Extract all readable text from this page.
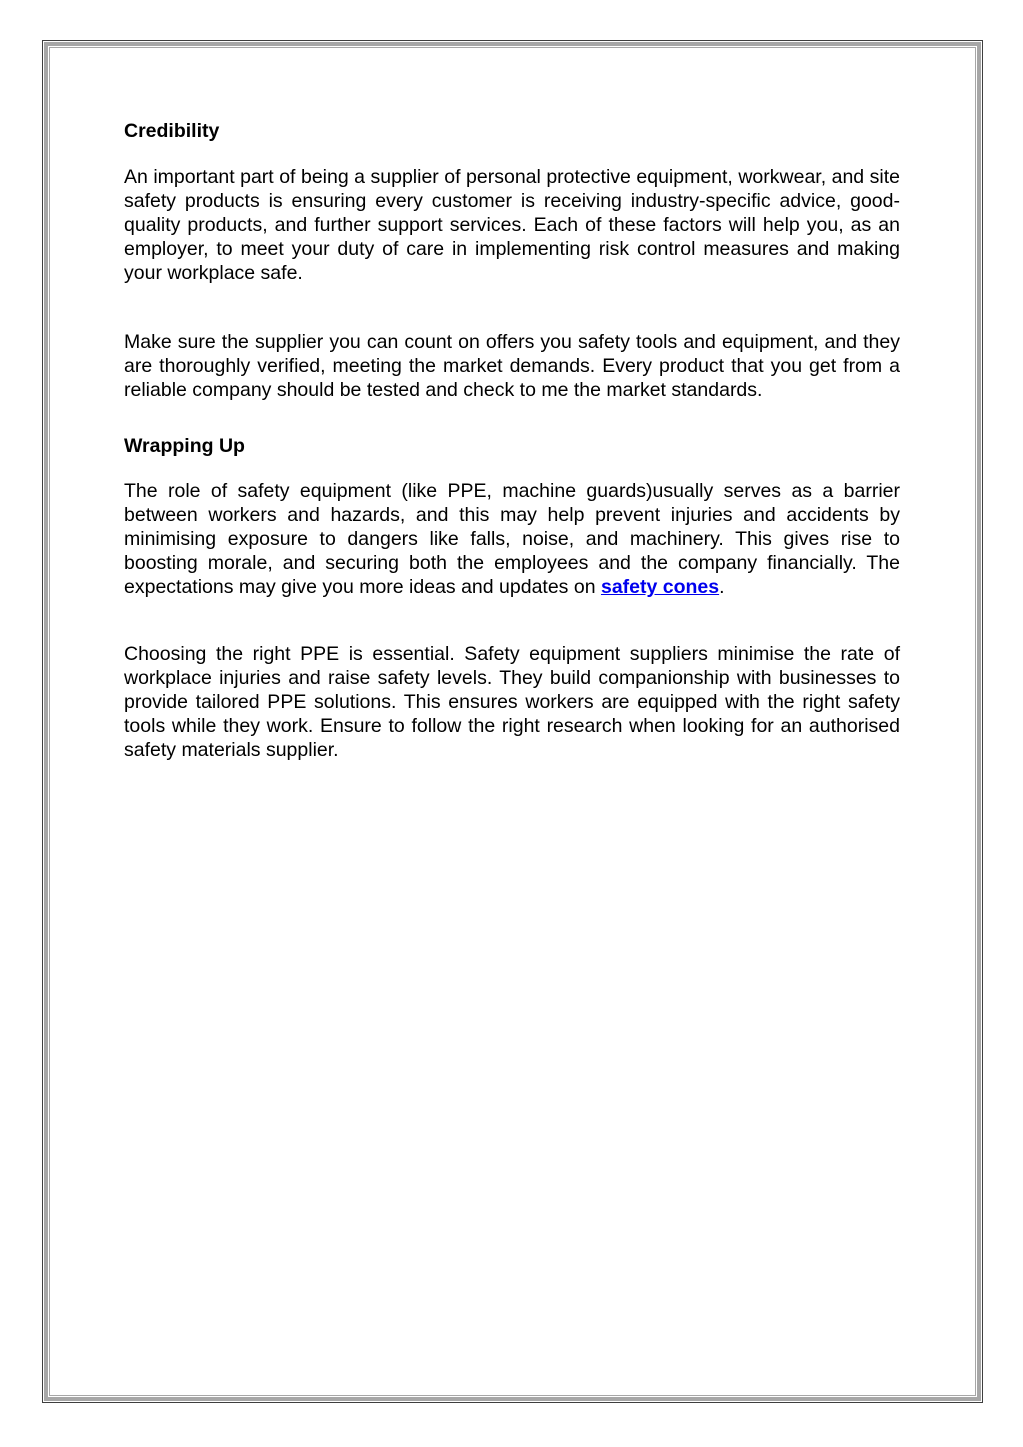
Credibility

An important part of being a supplier of personal protective equipment, workwear, and site safety products is ensuring every customer is receiving industry-specific advice, good-quality products, and further support services. Each of these factors will help you, as an employer, to meet your duty of care in implementing risk control measures and making your workplace safe.

Make sure the supplier you can count on offers you safety tools and equipment, and they are thoroughly verified, meeting the market demands. Every product that you get from a reliable company should be tested and check to me the market standards.

Wrapping Up

The role of safety equipment (like PPE, machine guards)usually serves as a barrier between workers and hazards, and this may help prevent injuries and accidents by minimising exposure to dangers like falls, noise, and machinery. This gives rise to boosting morale, and securing both the employees and the company financially. The expectations may give you more ideas and updates on safety cones.

Choosing the right PPE is essential. Safety equipment suppliers minimise the rate of workplace injuries and raise safety levels. They build companionship with businesses to provide tailored PPE solutions. This ensures workers are equipped with the right safety tools while they work. Ensure to follow the right research when looking for an authorised safety materials supplier.
